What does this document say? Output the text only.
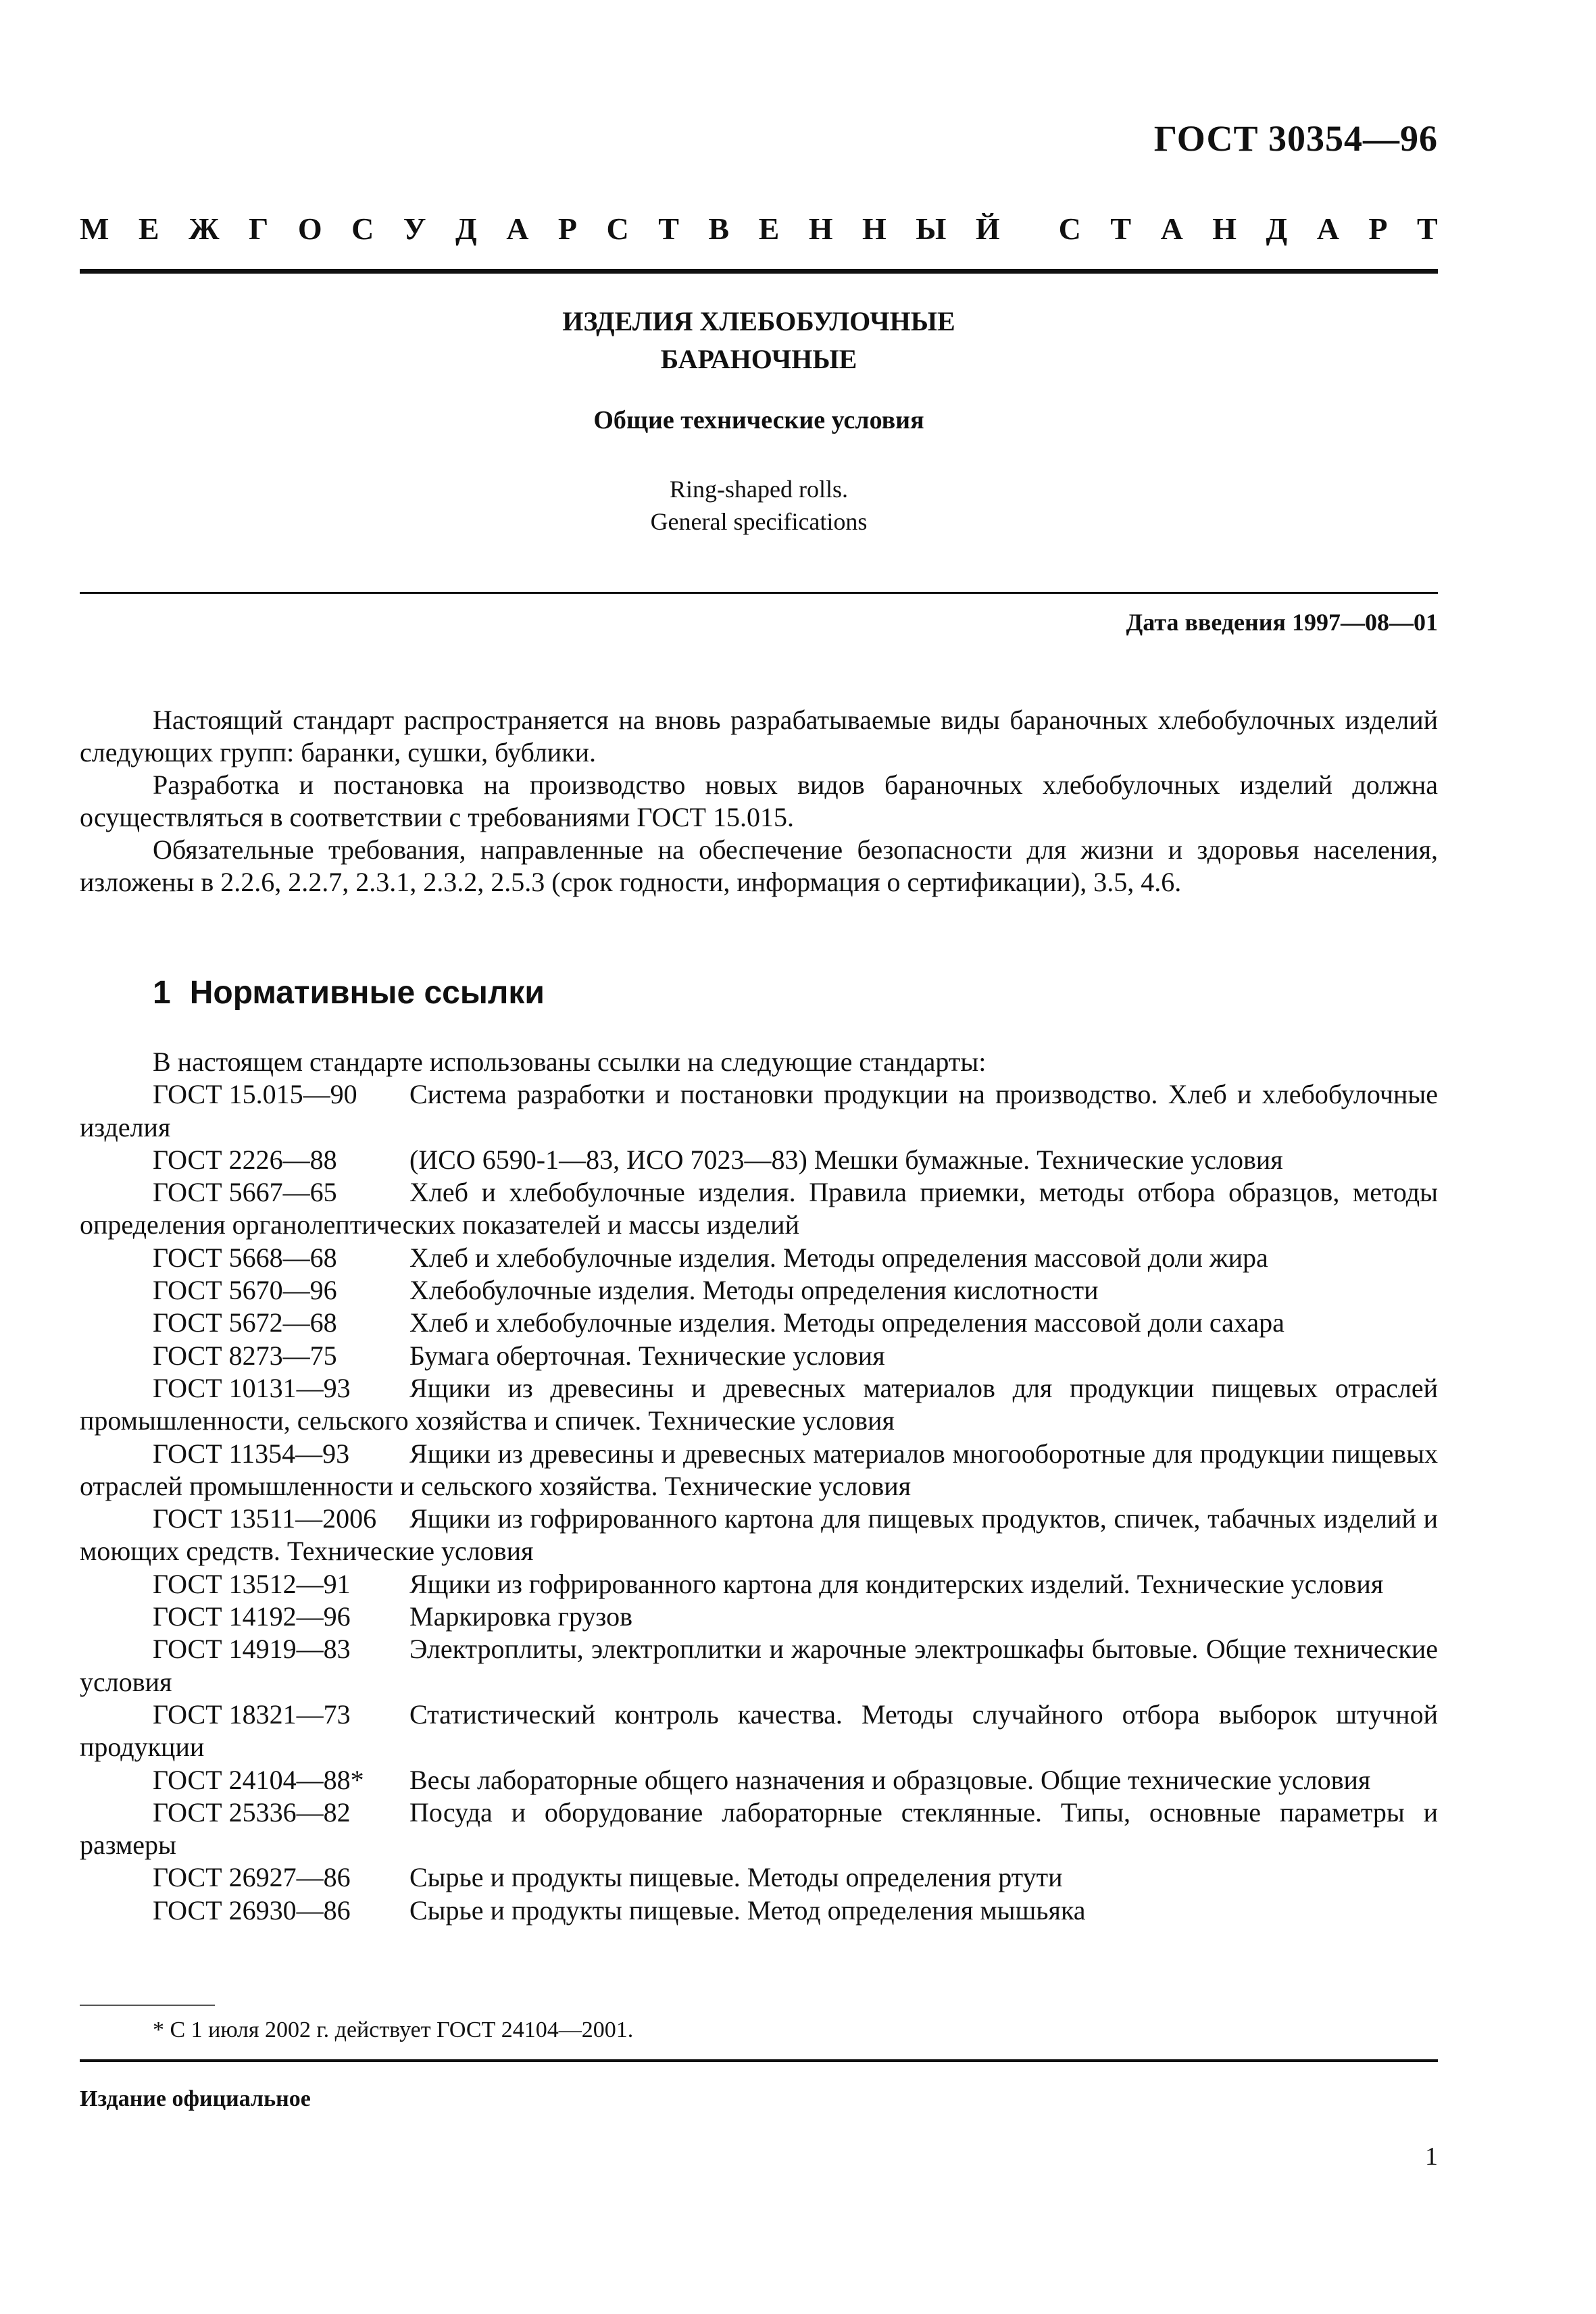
ГОСТ 30354—96
М Е Ж Г О С У Д А Р С Т В Е Н Н Ы Й С Т А Н Д А Р Т
ИЗДЕЛИЯ ХЛЕБОБУЛОЧНЫЕ
БАРАНОЧНЫЕ
Общие технические условия
Ring-shaped rolls.
General specifications
Дата введения 1997—08—01

Настоящий стандарт распространяется на вновь разрабатываемые виды бараночных хлебобулочных изделий следующих групп: баранки, сушки, бублики.

Разработка и постановка на производство новых видов бараночных хлебобулочных изделий должна осуществляться в соответствии с требованиями ГОСТ 15.015.

Обязательные требования, направленные на обеспечение безопасности для жизни и здоровья населения, изложены в 2.2.6, 2.2.7, 2.3.1, 2.3.2, 2.5.3 (срок годности, информация о сертификации), 3.5, 4.6.

1 Нормативные ссылки

В настоящем стандарте использованы ссылки на следующие стандарты:

ГОСТ 15.015—90 Система разработки и постановки продукции на производство. Хлеб и хлебобулочные изделия

ГОСТ 2226—88	(ИСО 6590-1—83, ИСО 7023—83) Мешки бумажные. Технические условия

ГОСТ 5667—65	Хлеб и хлебобулочные изделия. Правила приемки, методы отбора образцов, методы определения органолептических показателей и массы изделий

ГОСТ 5668—68	Хлеб и хлебобулочные изделия. Методы определения массовой доли жира

ГОСТ 5670—96	Хлебобулочные изделия. Методы определения кислотности

ГОСТ 5672—68	Хлеб и хлебобулочные изделия. Методы определения массовой доли сахара

ГОСТ 8273—75	Бумага оберточная. Технические условия

ГОСТ 10131—93 Ящики из древесины и древесных материалов для продукции пищевых отраслей промышленности, сельского хозяйства и спичек. Технические условия

ГОСТ 11354—93 Ящики из древесины и древесных материалов многооборотные для продукции пищевых отраслей промышленности и сельского хозяйства. Технические условия

ГОСТ 13511—2006 Ящики из гофрированного картона для пищевых продуктов, спичек, табачных изделий и моющих средств. Технические условия

ГОСТ 13512—91 Ящики из гофрированного картона для кондитерских изделий. Технические условия

ГОСТ 14192—96 Маркировка грузов

ГОСТ 14919—83 Электроплиты, электроплитки и жарочные электрошкафы бытовые. Общие технические условия

ГОСТ 18321—73 Статистический контроль качества. Методы случайного отбора выборок штучной продукции

ГОСТ 24104—88* Весы лабораторные общего назначения и образцовые. Общие технические условия

ГОСТ 25336—82 Посуда и оборудование лабораторные стеклянные. Типы, основные параметры и размеры

ГОСТ 26927—86 Сырье и продукты пищевые. Методы определения ртути

ГОСТ 26930—86 Сырье и продукты пищевые. Метод определения мышьяка

* С 1 июля 2002 г. действует ГОСТ 24104—2001.
Издание официальное
1
